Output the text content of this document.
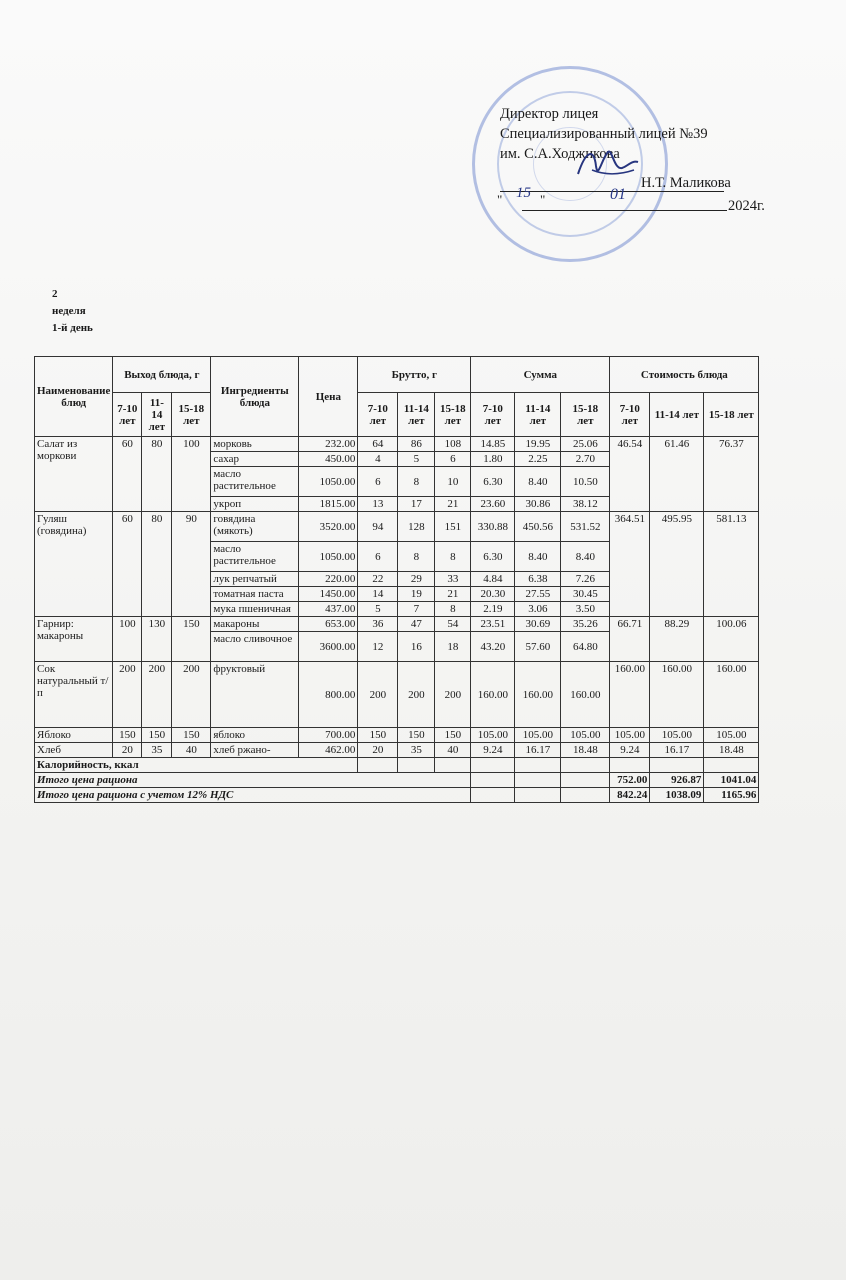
Директор лицея
Специализированный лицей №39
им. С.А.Ходжикова
Н.Т. Маликова
" 15 "	01
2024г.
2
неделя
1-й день
Наименование блюд	Выход блюда, г			Ингредиенты блюда	Цена	Брутто, г			Сумма			Стоимость блюда		
	7-10 лет	11-14 лет	15-18 лет			7-10 лет	11-14 лет	15-18 лет	7-10 лет	11-14 лет	15-18 лет	7-10 лет	11-14 лет	15-18 лет
Салат из моркови	60	80	100	морковь	232.00	64	86	108	14.85	19.95	25.06	46.54	61.46	76.37
				сахар	450.00	4	5	6	1.80	2.25	2.70			
				масло растительное	1050.00	6	8	10	6.30	8.40	10.50			
				укроп	1815.00	13	17	21	23.60	30.86	38.12			
Гуляш (говядина)	60	80	90	говядина (мякоть)	3520.00	94	128	151	330.88	450.56	531.52	364.51	495.95	581.13
				масло растительное	1050.00	6	8	8	6.30	8.40	8.40			
				лук репчатый	220.00	22	29	33	4.84	6.38	7.26			
				томатная паста	1450.00	14	19	21	20.30	27.55	30.45			
				мука пшеничная	437.00	5	7	8	2.19	3.06	3.50			
Гарнир: макароны	100	130	150	макароны	653.00	36	47	54	23.51	30.69	35.26	66.71	88.29	100.06
				масло сливочное	3600.00	12	16	18	43.20	57.60	64.80			
Сок натуральный т/п	200	200	200	фруктовый	800.00	200	200	200	160.00	160.00	160.00	160.00	160.00	160.00
Яблоко	150	150	150	яблоко	700.00	150	150	150	105.00	105.00	105.00	105.00	105.00	105.00
Хлеб	20	35	40	хлеб ржано-	462.00	20	35	40	9.24	16.17	18.48	9.24	16.17	18.48
Калорийность, ккал														
Итого цена рациона												752.00	926.87	1041.04
Итого цена рациона с учетом 12% НДС												842.24	1038.09	1165.96
